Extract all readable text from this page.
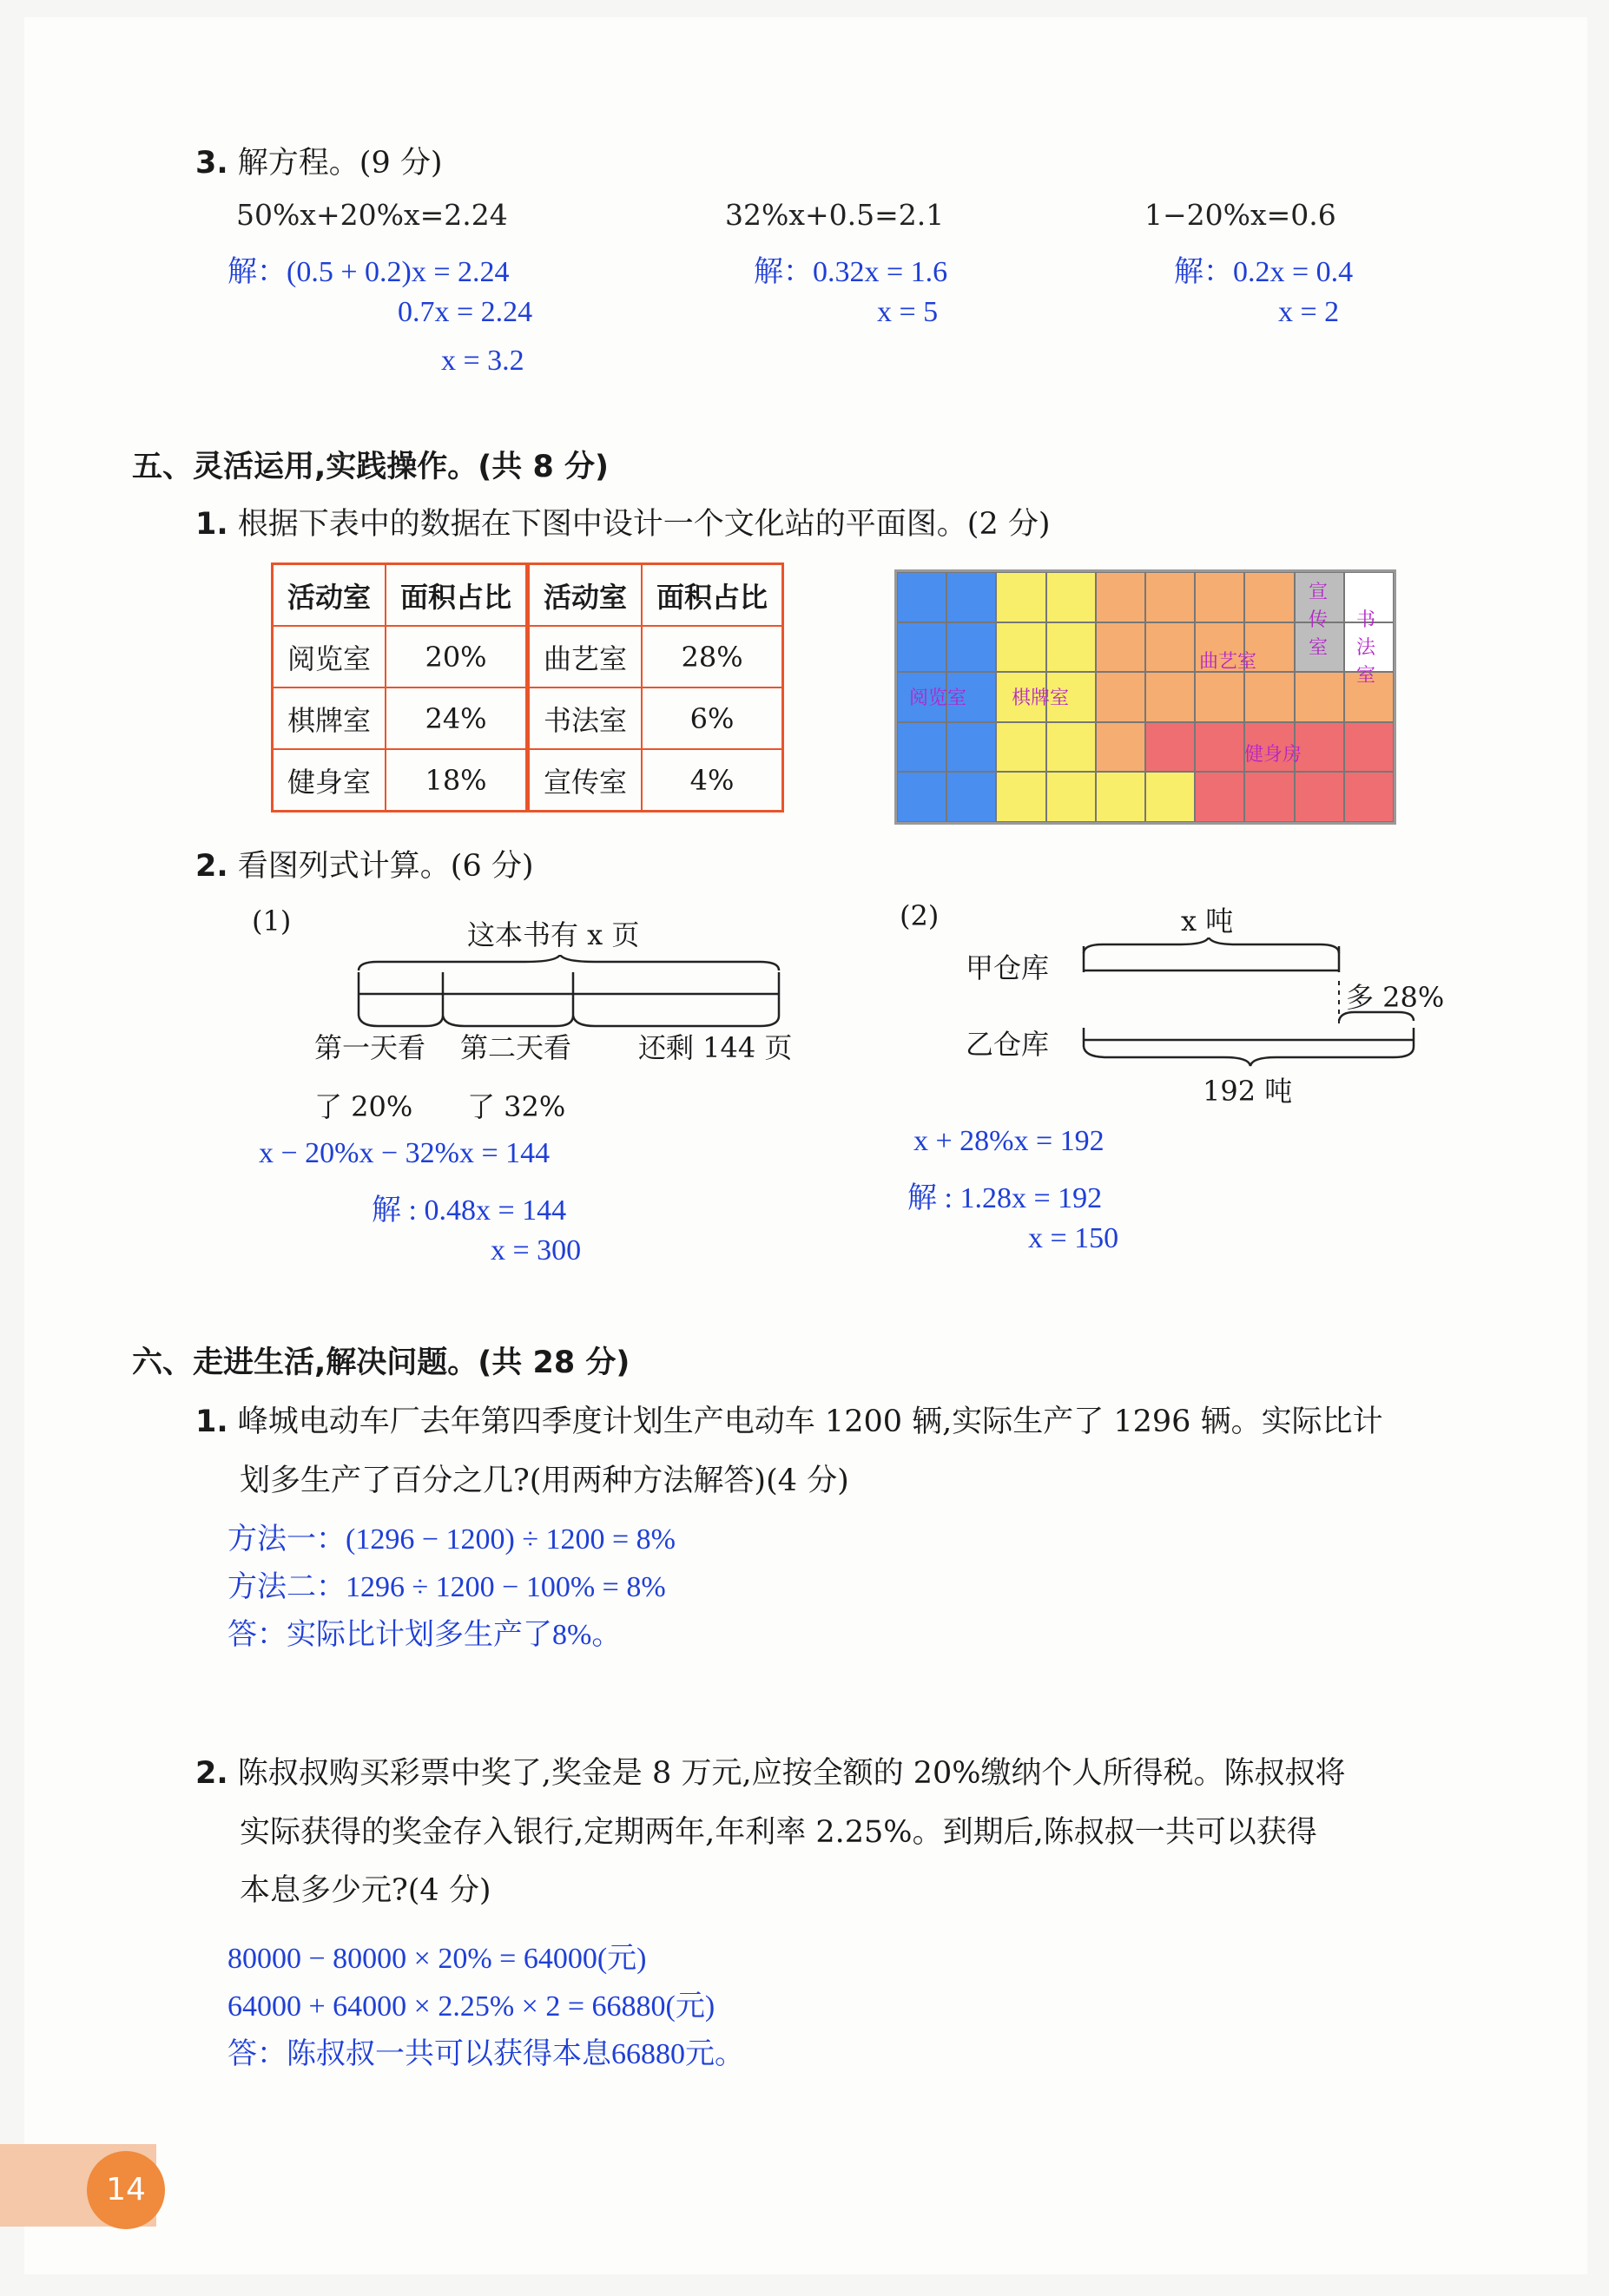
3. 解方程。(9 分)
50%x+20%x=2.24
解：(0.5 + 0.2)x = 2.24
0.7x = 2.24
x = 3.2
32%x+0.5=2.1
解：0.32x = 1.6
x = 5
1−20%x=0.6
解：0.2x = 0.4
x = 2
五、灵活运用,实践操作。(共 8 分)
1. 根据下表中的数据在下图中设计一个文化站的平面图。(2 分)
活动室	面积占比	活动室	面积占比
阅览室	20%	曲艺室	28%
棋牌室	24%	书法室	6%
健身室	18%	宣传室	4%
阅览室 棋牌室
曲艺室
健身房
宣传室
书法室
2. 看图列式计算。(6 分)
(1)	这本书有 x 页
第一天看 第二天看 还剩 144 页
了 20% 了 32%
x − 20%x − 32%x = 144
解 : 0.48x = 144
x = 300
(2)	x 吨
甲仓库
乙仓库
多 28%
192 吨
x + 28%x = 192
解 : 1.28x = 192
x = 150
六、走进生活,解决问题。(共 28 分)
1. 峰城电动车厂去年第四季度计划生产电动车 1200 辆,实际生产了 1296 辆。实际比计
划多生产了百分之几?(用两种方法解答)(4 分)
方法一：(1296 − 1200) ÷ 1200 = 8%
方法二：1296 ÷ 1200 − 100% = 8%
答：实际比计划多生产了8%。
2. 陈叔叔购买彩票中奖了,奖金是 8 万元,应按全额的 20%缴纳个人所得税。陈叔叔将
实际获得的奖金存入银行,定期两年,年利率 2.25%。到期后,陈叔叔一共可以获得
本息多少元?(4 分)
80000 − 80000 × 20% = 64000(元)
64000 + 64000 × 2.25% × 2 = 66880(元)
答：陈叔叔一共可以获得本息66880元。
14
